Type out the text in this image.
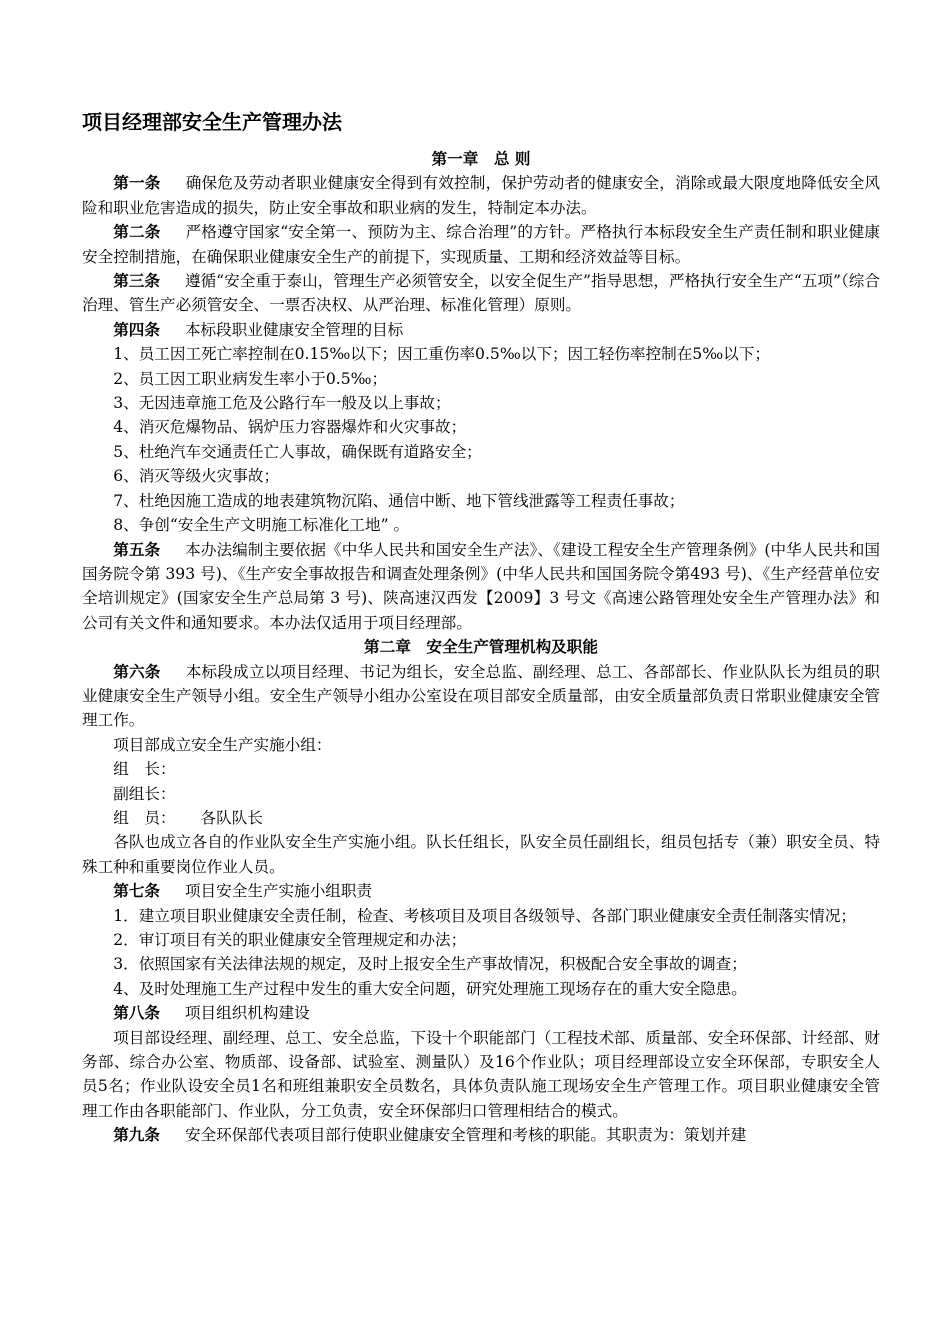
项目经理部安全生产管理办法

第一章　总 则

第一条 确保危及劳动者职业健康安全得到有效控制，保护劳动者的健康安全，消除或最大限度地降低安全风险和职业危害造成的损失，防止安全事故和职业病的发生，特制定本办法。

第二条 严格遵守国家“安全第一、预防为主、综合治理”的方针。严格执行本标段安全生产责任制和职业健康安全控制措施，在确保职业健康安全生产的前提下，实现质量、工期和经济效益等目标。

第三条 遵循“安全重于泰山，管理生产必须管安全，以安全促生产”指导思想，严格执行安全生产“五项”（综合治理、管生产必须管安全、一票否决权、从严治理、标准化管理）原则。

第四条 本标段职业健康安全管理的目标

1、员工因工死亡率控制在0.15‰以下；因工重伤率0.5‰以下；因工轻伤率控制在5‰以下；

2、员工因工职业病发生率小于0.5‰；

3、无因违章施工危及公路行车一般及以上事故；

4、消灭危爆物品、锅炉压力容器爆炸和火灾事故；

5、杜绝汽车交通责任亡人事故，确保既有道路安全；

6、消灭等级火灾事故；

7、杜绝因施工造成的地表建筑物沉陷、通信中断、地下管线泄露等工程责任事故；

8、争创“安全生产文明施工标准化工地” 。

第五条 本办法编制主要依据《中华人民共和国安全生产法》、《建设工程安全生产管理条例》(中华人民共和国国务院令第 393 号)、《生产安全事故报告和调查处理条例》(中华人民共和国国务院令第493 号)、《生产经营单位安全培训规定》(国家安全生产总局第 3 号)、陕高速汉西发【2009】3 号文《高速公路管理处安全生产管理办法》和公司有关文件和通知要求。本办法仅适用于项目经理部。

第二章　安全生产管理机构及职能

第六条 本标段成立以项目经理、书记为组长，安全总监、副经理、总工、各部部长、作业队队长为组员的职业健康安全生产领导小组。安全生产领导小组办公室设在项目部安全质量部，由安全质量部负责日常职业健康安全管理工作。

项目部成立安全生产实施小组：

组　长：

副组长：

组　员： 各队队长

各队也成立各自的作业队安全生产实施小组。队长任组长，队安全员任副组长，组员包括专（兼）职安全员、特殊工种和重要岗位作业人员。

第七条 项目安全生产实施小组职责

1．建立项目职业健康安全责任制，检查、考核项目及项目各级领导、各部门职业健康安全责任制落实情况；

2．审订项目有关的职业健康安全管理规定和办法；

3．依照国家有关法律法规的规定，及时上报安全生产事故情况，积极配合安全事故的调查；

4、及时处理施工生产过程中发生的重大安全问题，研究处理施工现场存在的重大安全隐患。

第八条 项目组织机构建设

项目部设经理、副经理、总工、安全总监，下设十个职能部门（工程技术部、质量部、安全环保部、计经部、财务部、综合办公室、物质部、设备部、试验室、测量队）及16个作业队；项目经理部设立安全环保部，专职安全人员5名；作业队设安全员1名和班组兼职安全员数名，具体负责队施工现场安全生产管理工作。项目职业健康安全管理工作由各职能部门、作业队，分工负责，安全环保部归口管理相结合的模式。

第九条 安全环保部代表项目部行使职业健康安全管理和考核的职能。其职责为：策划并建
